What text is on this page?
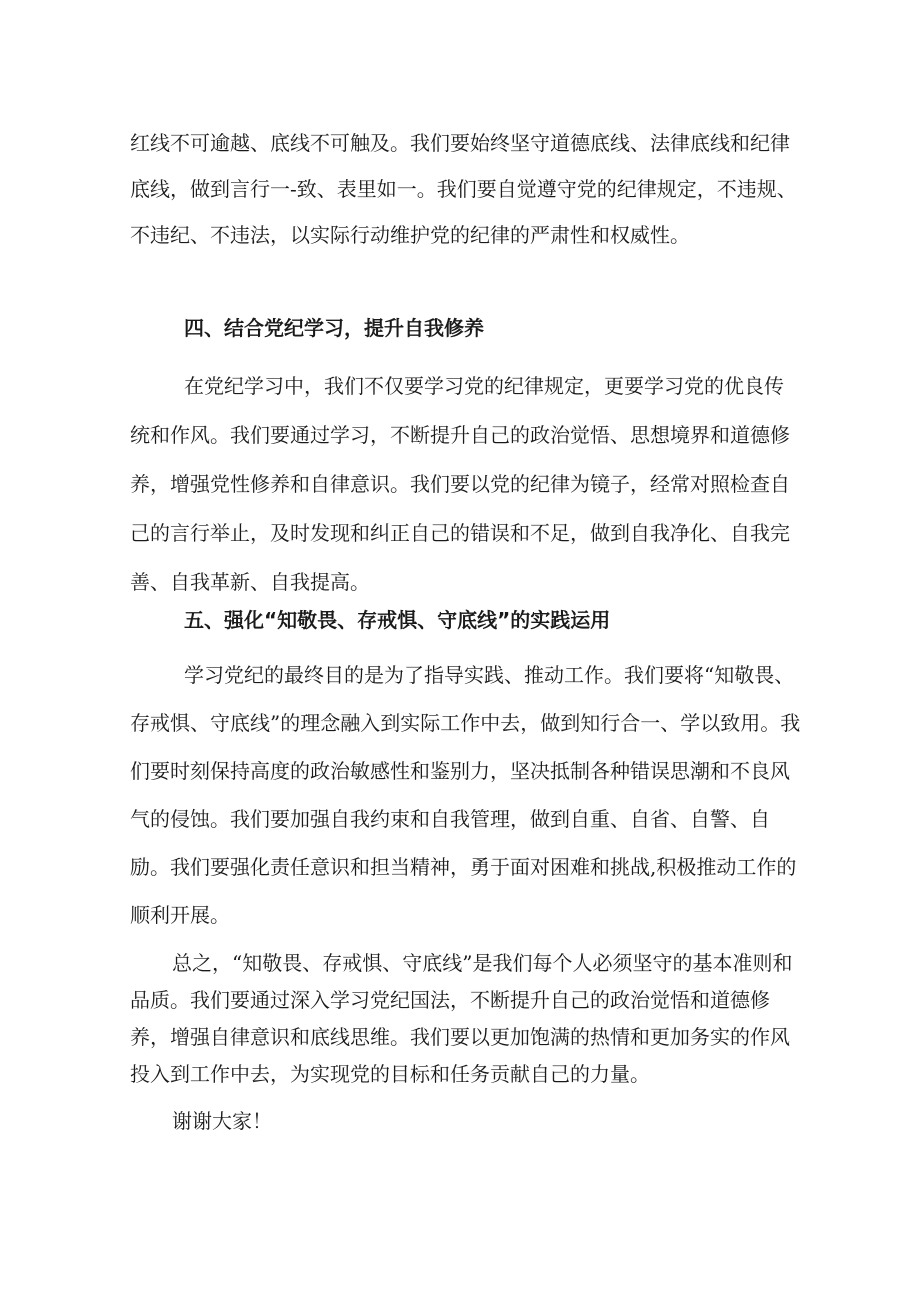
红线不可逾越、底线不可触及。我们要始终坚守道德底线、法律底线和纪律底线，做到言行一-致、表里如一。我们要自觉遵守党的纪律规定，不违规、不违纪、不违法，以实际行动维护党的纪律的严肃性和权威性。

四、结合党纪学习，提升自我修养

在党纪学习中，我们不仅要学习党的纪律规定，更要学习党的优良传统和作风。我们要通过学习，不断提升自己的政治觉悟、思想境界和道德修养，增强党性修养和自律意识。我们要以党的纪律为镜子，经常对照检查自己的言行举止，及时发现和纠正自己的错误和不足，做到自我净化、自我完善、自我革新、自我提高。

五、强化“知敬畏、存戒惧、守底线”的实践运用

学习党纪的最终目的是为了指导实践、推动工作。我们要将“知敬畏、存戒惧、守底线”的理念融入到实际工作中去，做到知行合一、学以致用。我们要时刻保持高度的政治敏感性和鉴别力，坚决抵制各种错误思潮和不良风气的侵蚀。我们要加强自我约束和自我管理，做到自重、自省、自警、自励。我们要强化责任意识和担当精神，勇于面对困难和挑战,积极推动工作的顺利开展。

总之，“知敬畏、存戒惧、守底线”是我们每个人必须坚守的基本准则和品质。我们要通过深入学习党纪国法，不断提升自己的政治觉悟和道德修养，增强自律意识和底线思维。我们要以更加饱满的热情和更加务实的作风投入到工作中去，为实现党的目标和任务贡献自己的力量。

谢谢大家！
